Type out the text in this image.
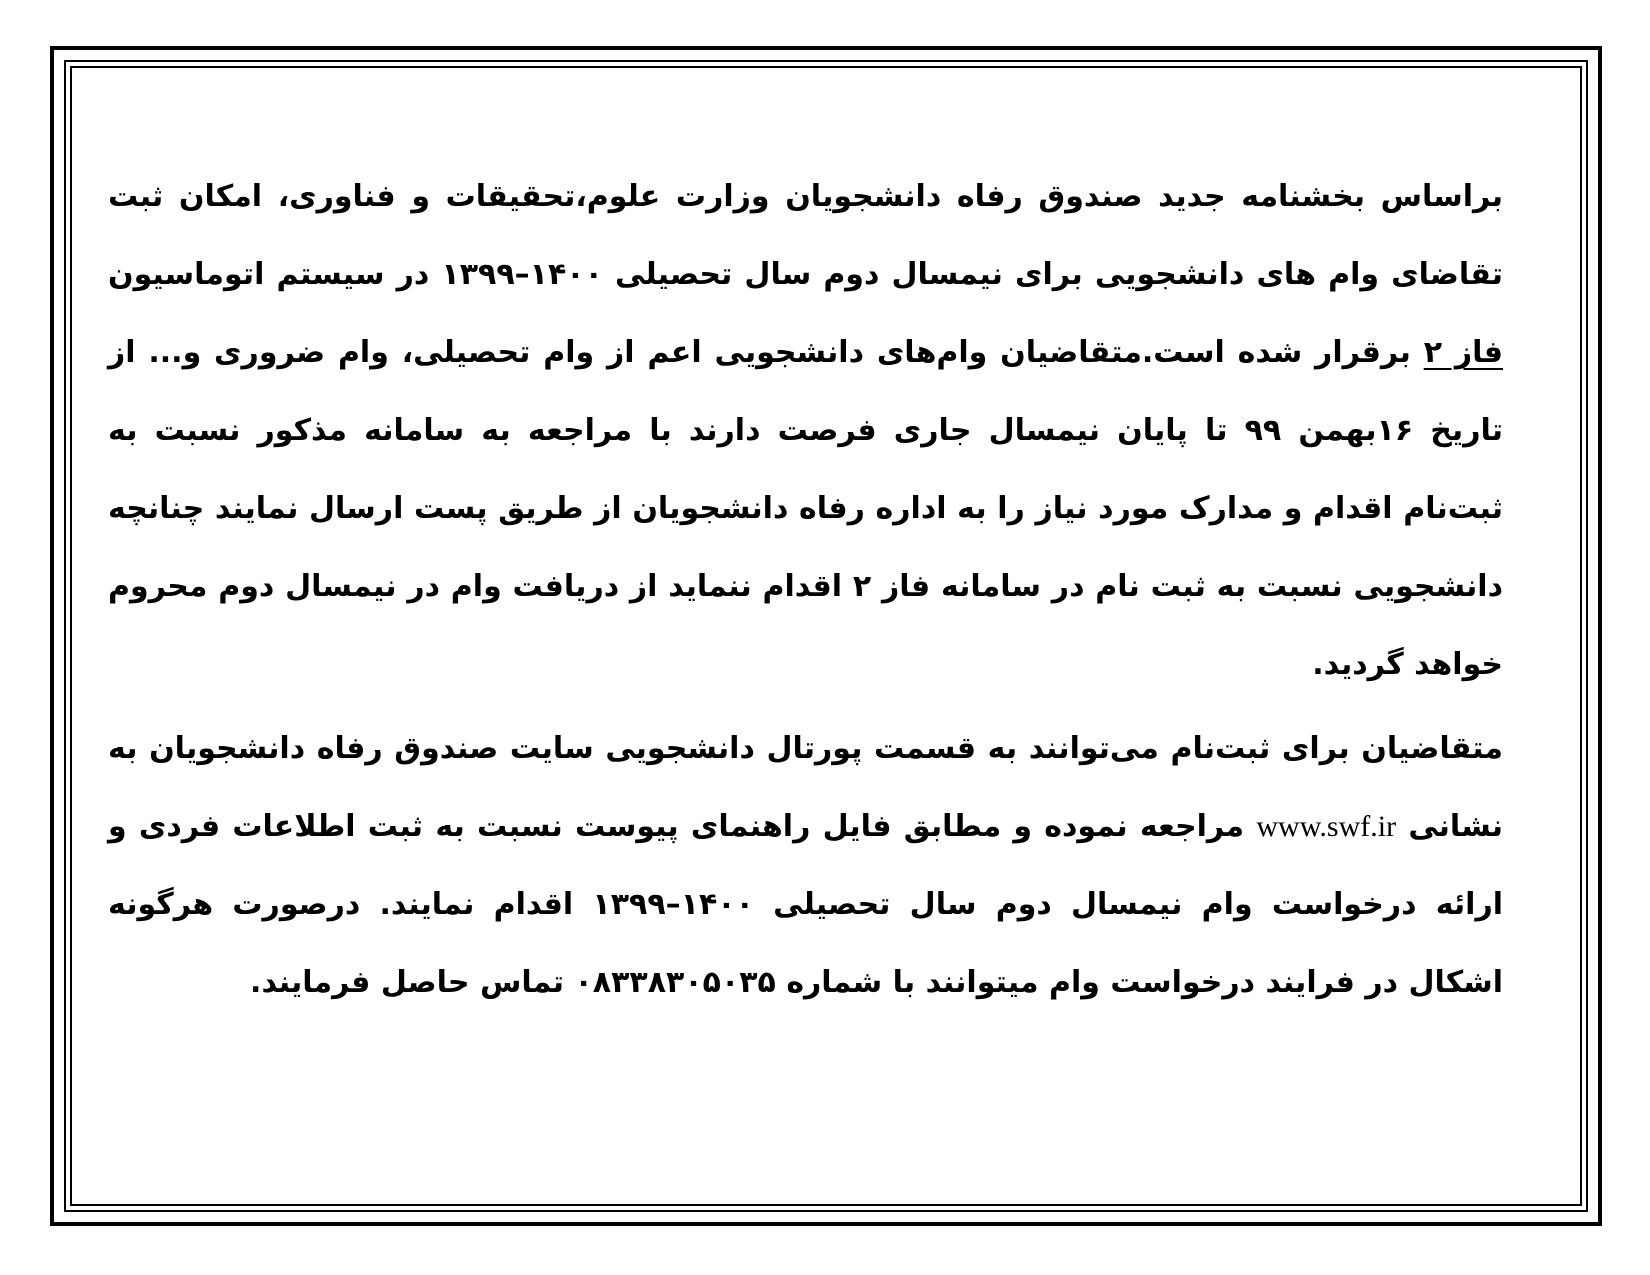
براساس بخشنامه جدید صندوق رفاه دانشجویان وزارت علوم،تحقیقات و فناوری، امکان ثبت تقاضای وام های دانشجویی برای نیمسال دوم سال تحصیلی ۱۴۰۰–۱۳۹۹ در سیستم اتوماسیون فاز ۲ برقرار شده است.متقاضیان وام‌های دانشجویی اعم از وام تحصیلی، وام ضروری و... از تاریخ ۱۶بهمن ۹۹ تا پایان نیمسال جاری فرصت دارند با مراجعه به سامانه مذکور نسبت به ثبت‌نام اقدام و مدارک مورد نیاز را به اداره رفاه دانشجویان از طریق پست ارسال نمایند چنانچه دانشجویی نسبت به ثبت نام در سامانه فاز ۲ اقدام ننماید از دریافت وام در نیمسال دوم محروم خواهد گردید.

متقاضیان برای ثبت‌نام می‌توانند به قسمت پورتال دانشجویی سایت صندوق رفاه دانشجویان به نشانی www.swf.ir مراجعه نموده و مطابق فایل راهنمای پیوست نسبت به ثبت اطلاعات فردی و ارائه درخواست وام نیمسال دوم سال تحصیلی ۱۴۰۰–۱۳۹۹ اقدام نمایند. درصورت هرگونه اشکال در فرایند درخواست وام میتوانند با شماره ۰۸۳۳۸۳۰۵۰۳۵ تماس حاصل فرمایند.
